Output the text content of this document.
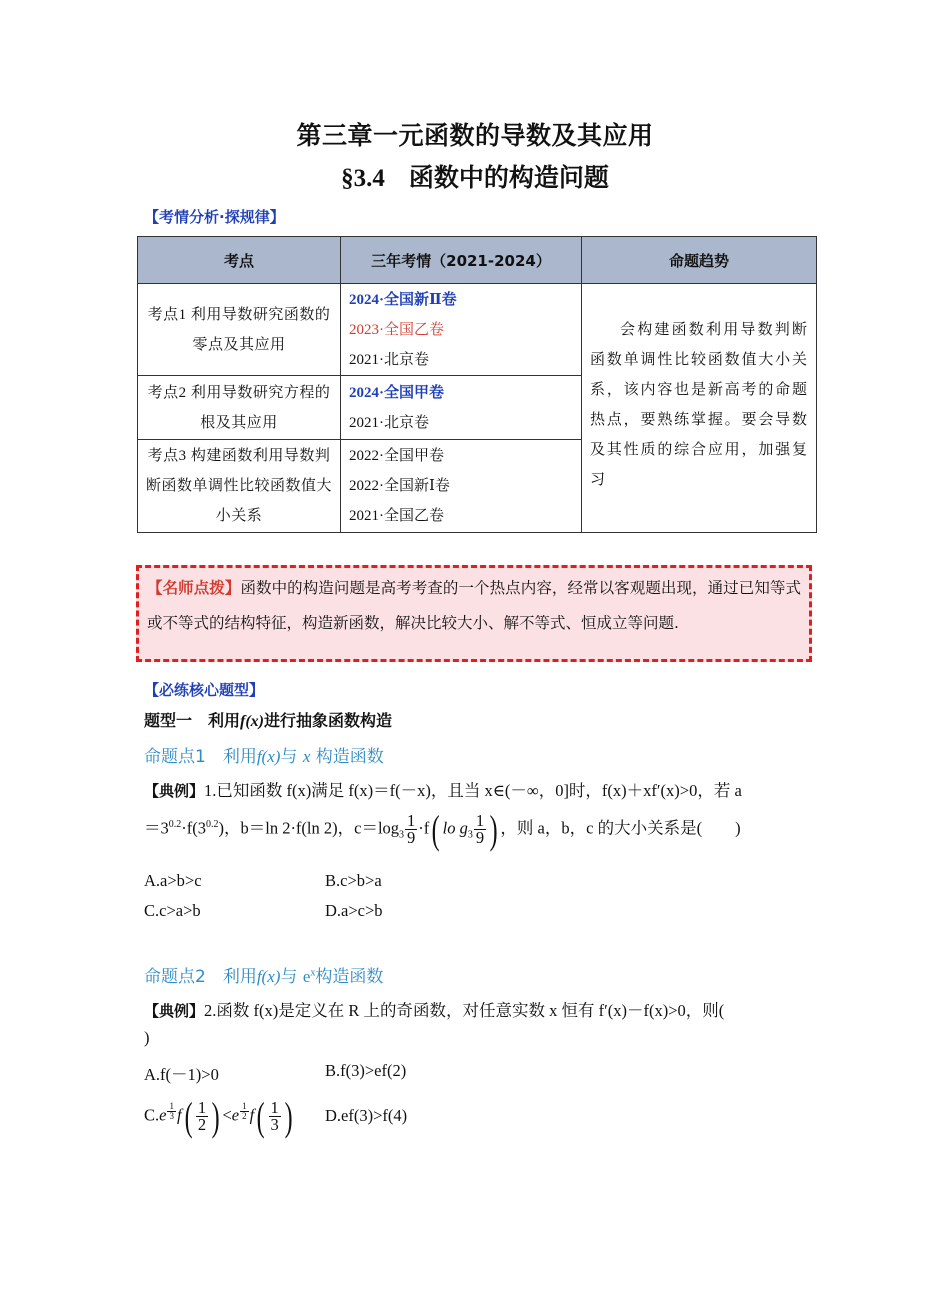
第三章一元函数的导数及其应用
§3.4 函数中的构造问题
【考情分析·探规律】
考点	三年考情（2021-2024）	命题趋势
考点1 利用导数研究函数的零点及其应用	2024·全国新Ⅱ卷
2023·全国乙卷
2021·北京卷	会构建函数利用导数判断函数单调性比较函数值大小关系，该内容也是新高考的命题热点，要熟练掌握。要会导数及其性质的综合应用，加强复习

考点2 利用导数研究方程的根及其应用	2024·全国甲卷
2021·北京卷	

考点3 构建函数利用导数判断函数单调性比较函数值大小关系	2022·全国甲卷
2022·全国新Ⅰ卷
2021·全国乙卷	

【名师点拨】函数中的构造问题是高考考查的一个热点内容，经常以客观题出现，通过已知等式或不等式的结构特征，构造新函数，解决比较大小、解不等式、恒成立等问题.

【必练核心题型】
题型一　利用f(x)进行抽象函数构造
命题点1　利用f(x)与 x 构造函数
【典例】1.已知函数 f(x)满足 f(x)＝f(－x)，且当 x∈(－∞，0]时，f(x)＋xf′(x)>0，若 a
$=3^{0.2}\cdot f(3^{0.2})$，b＝ln 2·f(ln 2)，$c=\log_3 \frac{1}{9} \cdot f$( lo $g_3 \frac{1}{9}$ ) ，则 a，b，c 的大小关系是(　　)
A.a>b>c	B.c>b>a
C.c>a>b	D.a>c>b
命题点2　利用f(x)与 $e^x$构造函数
【典例】2.函数 f(x)是定义在 R 上的奇函数，对任意实数 x 恒有 f′(x)－f(x)>0，则(
)
A.f(－1)>0	B.f(3)>ef(2)
C.e $^{\frac{1}{3}}$ $f( \frac{1}{2}$ ) <e $^{\frac{1}{2}}$ $f( \frac{1}{3}$ ) D.ef(3)>f(4)
